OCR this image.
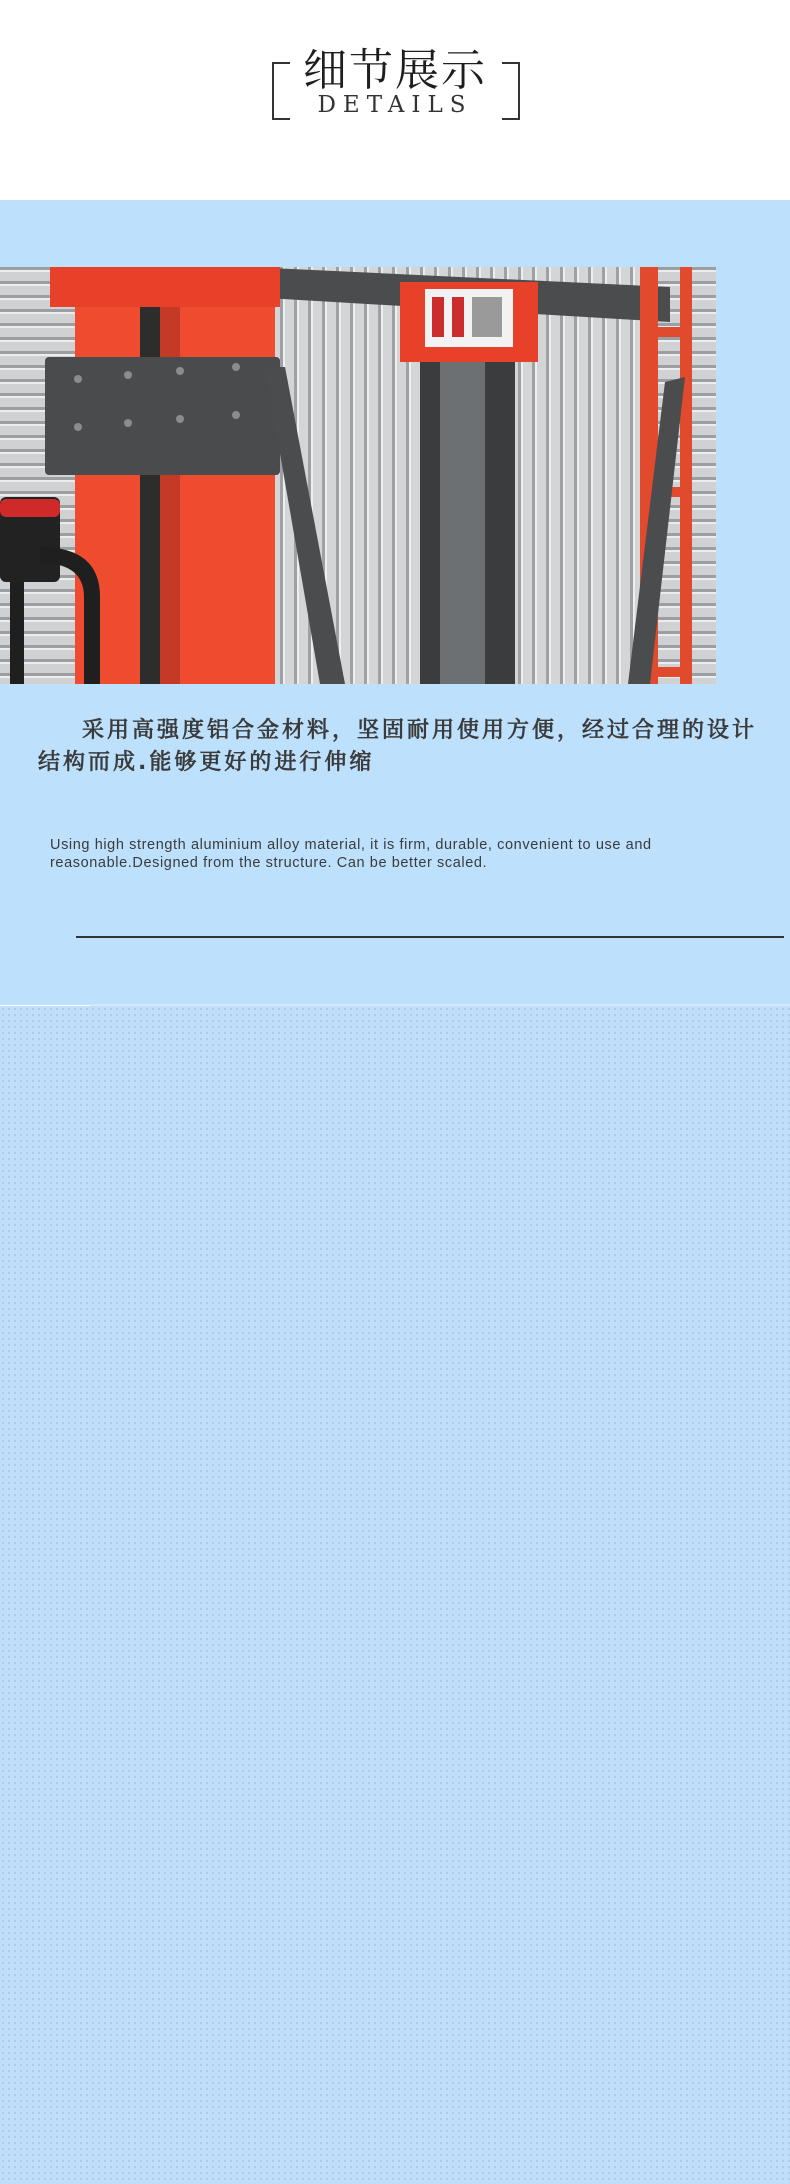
细节展示
DETAILS
采用高强度铝合金材料，坚固耐用使用方便，经过合理的设计结构而成.能够更好的进行伸缩
Using high strength aluminium alloy material, it is firm, durable, convenient to use and reasonable.Designed from the structure. Can be better scaled.
